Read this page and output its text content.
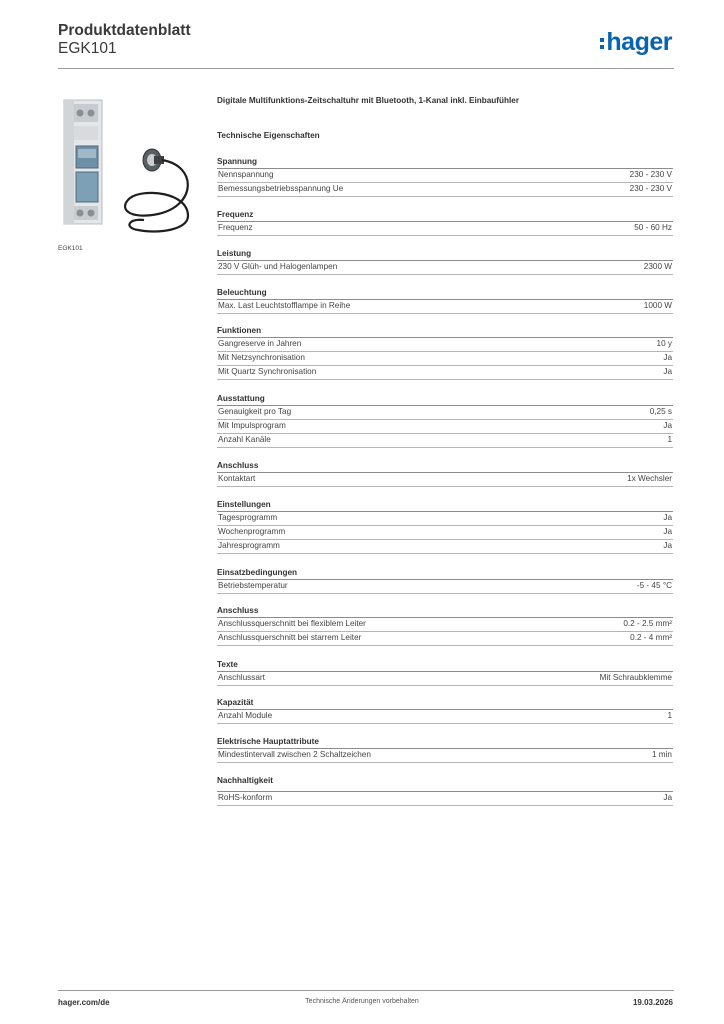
Produktdatenblatt
EGK101	hager
EGK101
Digitale Multifunktions-Zeitschaltuhr mit Bluetooth, 1-Kanal inkl. Einbaufühler
Technische Eigenschaften
Spannung
Nennspannung	230 - 230 V
Bemessungsbetriebsspannung Ue	230 - 230 V
Frequenz
Frequenz	50 - 60 Hz
Leistung
230 V Glüh- und Halogenlampen	2300 W
Beleuchtung
Max. Last Leuchtstofflampe in Reihe	1000 W
Funktionen
Gangreserve in Jahren	10 y
Mit Netzsynchronisation	Ja
Mit Quartz Synchronisation	Ja
Ausstattung
Genauigkeit pro Tag	0,25 s
Mit Impulsprogram	Ja
Anzahl Kanäle	1
Anschluss
Kontaktart	1x Wechsler
Einstellungen
Tagesprogramm	Ja
Wochenprogramm	Ja
Jahresprogramm	Ja
Einsatzbedingungen
Betriebstemperatur	-5 - 45 °C
Anschluss
Anschlussquerschnitt bei flexiblem Leiter	0.2 - 2.5 mm²
Anschlussquerschnitt bei starrem Leiter	0.2 - 4 mm²
Texte
Anschlussart	Mit Schraubklemme
Kapazität
Anzahl Module	1
Elektrische Hauptattribute
Mindestintervall zwischen 2 Schaltzeichen	1 min
Nachhaltigkeit
RoHS-konform	Ja
hager.com/de	Technische Änderungen vorbehalten	19.03.2026
